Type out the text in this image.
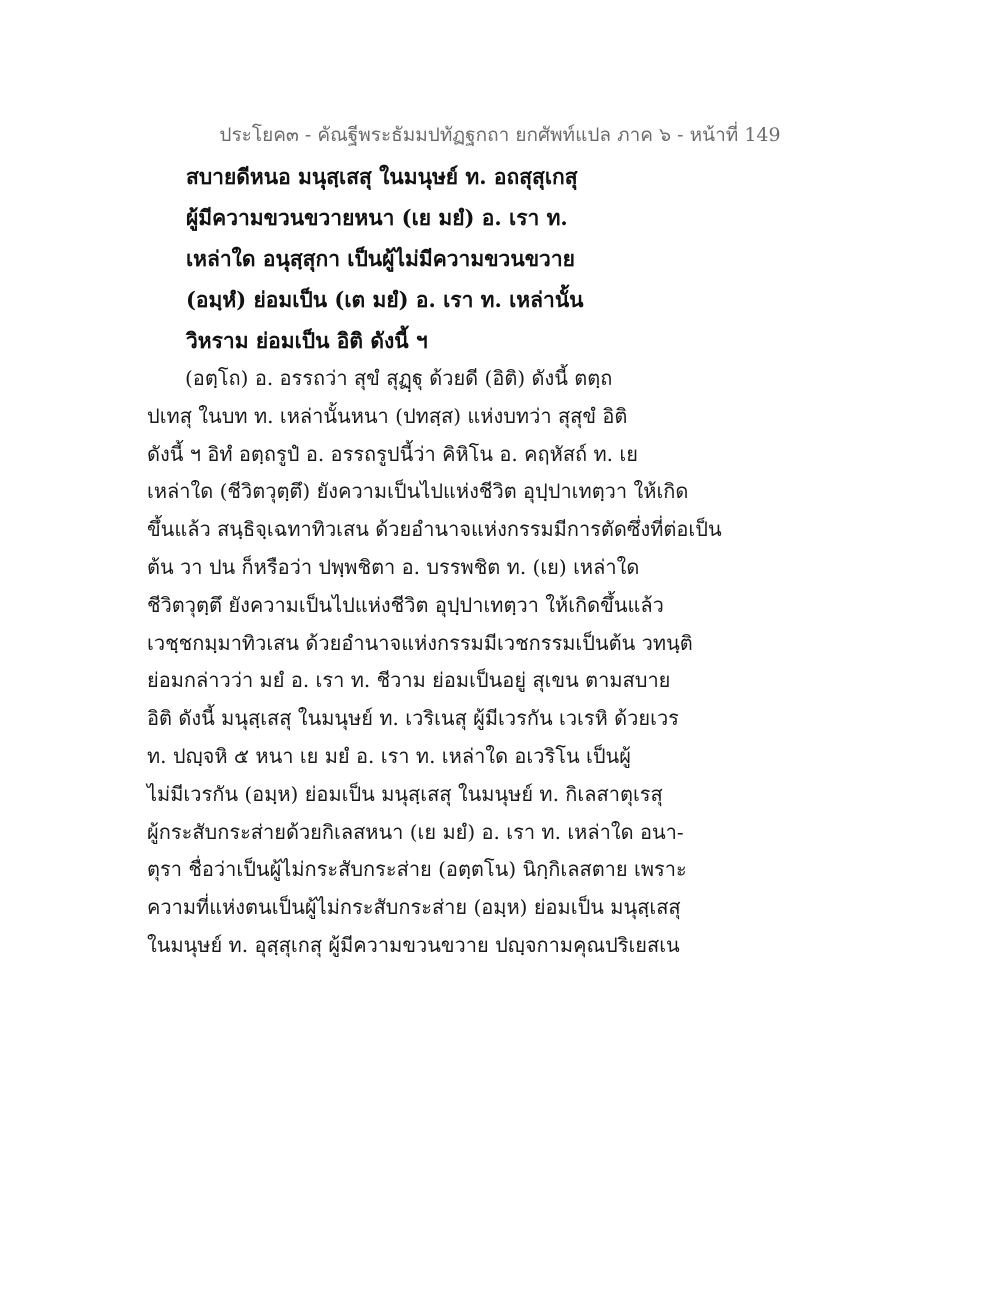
ประโยค๓ - คัณฐีพระธัมมปทัฏฐกถา ยกศัพท์แปล ภาค ๖ - หน้าที่ 149
สบายดีหนอ มนุสฺเสสุ ในมนุษย์ ท. อถสุสุเกสุ
ผู้มีความขวนขวายหนา (เย มยํ) อ. เรา ท.
เหล่าใด อนุสฺสุกา เป็นผู้ไม่มีความขวนขวาย
(อมฺหํ) ย่อมเป็น (เต มยํ) อ. เรา ท. เหล่านั้น
วิหราม ย่อมเป็น อิติ ดังนี้ ฯ
(อตฺโถ) อ. อรรถว่า สุขํ สุฏฺฐุ ด้วยดี (อิติ) ดังนี้ ตตฺถ
ปเทสุ ในบท ท. เหล่านั้นหนา (ปทสฺส) แห่งบทว่า สุสุขํ อิติ
ดังนี้ ฯ อิทํ อตฺถรูปํ อ. อรรถรูปนี้ว่า คิหิโน อ. คฤหัสถ์ ท. เย
เหล่าใด (ชีวิตวุตฺตึ) ยังความเป็นไปแห่งชีวิต อุปฺปาเทตฺวา ให้เกิด
ขึ้นแล้ว สนฺธิจฺเฉทาทิวเสน ด้วยอำนาจแห่งกรรมมีการตัดซึ่งที่ต่อเป็น
ต้น วา ปน ก็หรือว่า ปพฺพชิตา อ. บรรพชิต ท. (เย) เหล่าใด
ชีวิตวุตฺตึ ยังความเป็นไปแห่งชีวิต อุปฺปาเทตฺวา ให้เกิดขึ้นแล้ว
เวชฺชกมฺมาทิวเสน ด้วยอำนาจแห่งกรรมมีเวชกรรมเป็นต้น วทนฺติ
ย่อมกล่าวว่า มยํ อ. เรา ท. ชีวาม ย่อมเป็นอยู่ สุเขน ตามสบาย
อิติ ดังนี้ มนุสฺเสสุ ในมนุษย์ ท. เวริเนสุ ผู้มีเวรกัน เวเรหิ ด้วยเวร
ท. ปญฺจหิ ๕ หนา เย มยํ อ. เรา ท. เหล่าใด อเวริโน เป็นผู้
ไม่มีเวรกัน (อมฺห) ย่อมเป็น มนุสฺเสสุ ในมนุษย์ ท. กิเลสาตุเรสุ
ผู้กระสับกระส่ายด้วยกิเลสหนา (เย มยํ) อ. เรา ท. เหล่าใด อนา-
ตุรา ชื่อว่าเป็นผู้ไม่กระสับกระส่าย (อตฺตโน) นิกฺกิเลสตาย เพราะ
ความที่แห่งตนเป็นผู้ไม่กระสับกระส่าย (อมฺห) ย่อมเป็น มนุสฺเสสุ
ในมนุษย์ ท. อุสฺสุเกสุ ผู้มีความขวนขวาย ปญฺจกามคุณปริเยสเน
